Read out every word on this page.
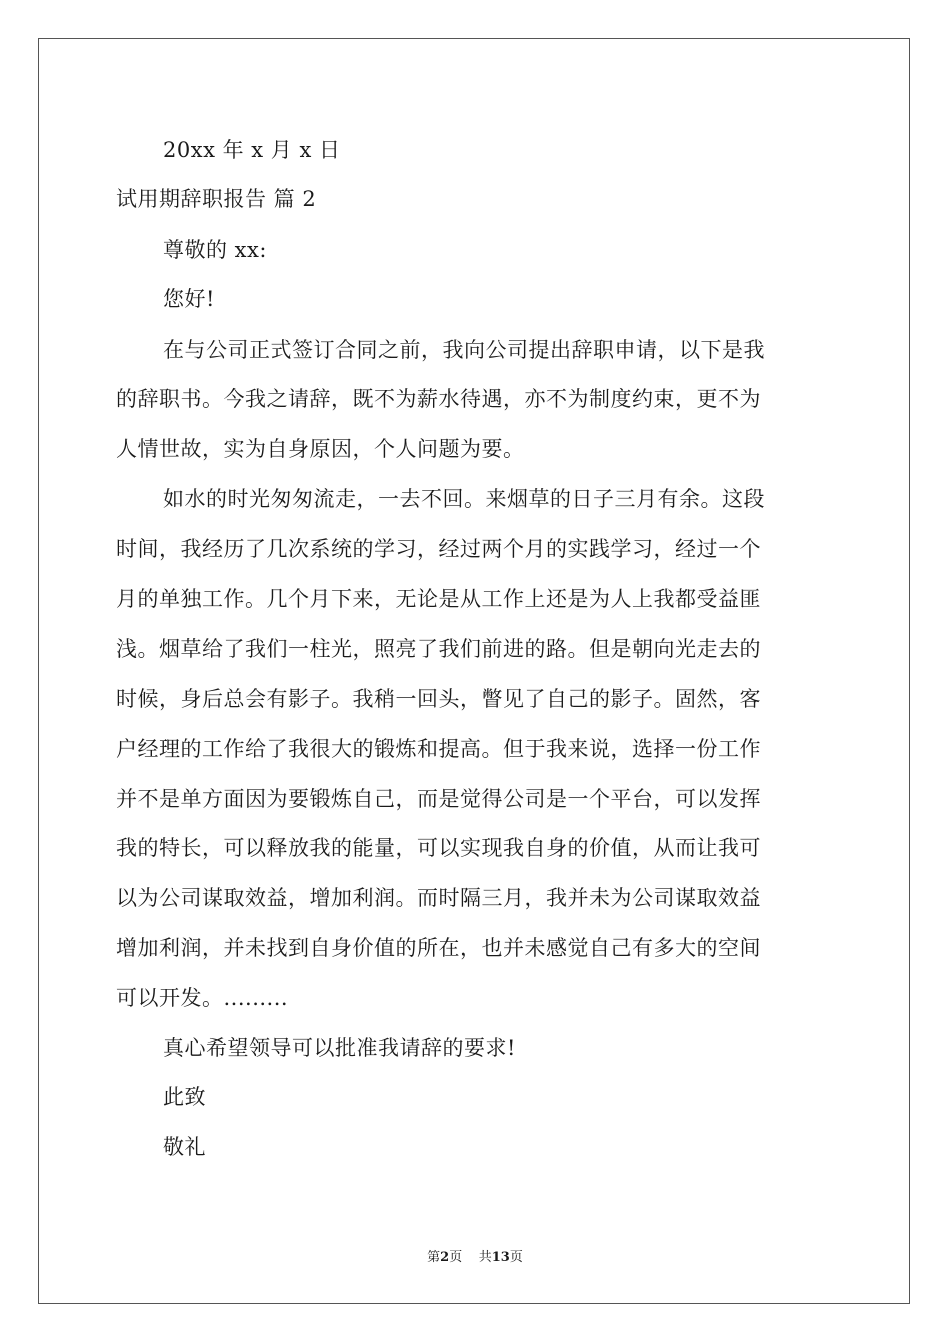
20xx 年 x 月 x 日
试用期辞职报告 篇 2
尊敬的 xx:
您好!
在与公司正式签订合同之前，我向公司提出辞职申请，以下是我
的辞职书。今我之请辞，既不为薪水待遇，亦不为制度约束，更不为
人情世故，实为自身原因，个人问题为要。
如水的时光匆匆流走，一去不回。来烟草的日子三月有余。这段
时间，我经历了几次系统的学习，经过两个月的实践学习，经过一个
月的单独工作。几个月下来，无论是从工作上还是为人上我都受益匪
浅。烟草给了我们一柱光，照亮了我们前进的路。但是朝向光走去的
时候，身后总会有影子。我稍一回头，瞥见了自己的影子。固然，客
户经理的工作给了我很大的锻炼和提高。但于我来说，选择一份工作
并不是单方面因为要锻炼自己，而是觉得公司是一个平台，可以发挥
我的特长，可以释放我的能量，可以实现我自身的价值，从而让我可
以为公司谋取效益，增加利润。而时隔三月，我并未为公司谋取效益
增加利润，并未找到自身价值的所在，也并未感觉自己有多大的空间
可以开发。.........
真心希望领导可以批准我请辞的要求!
此致
敬礼
第2页 共13页
